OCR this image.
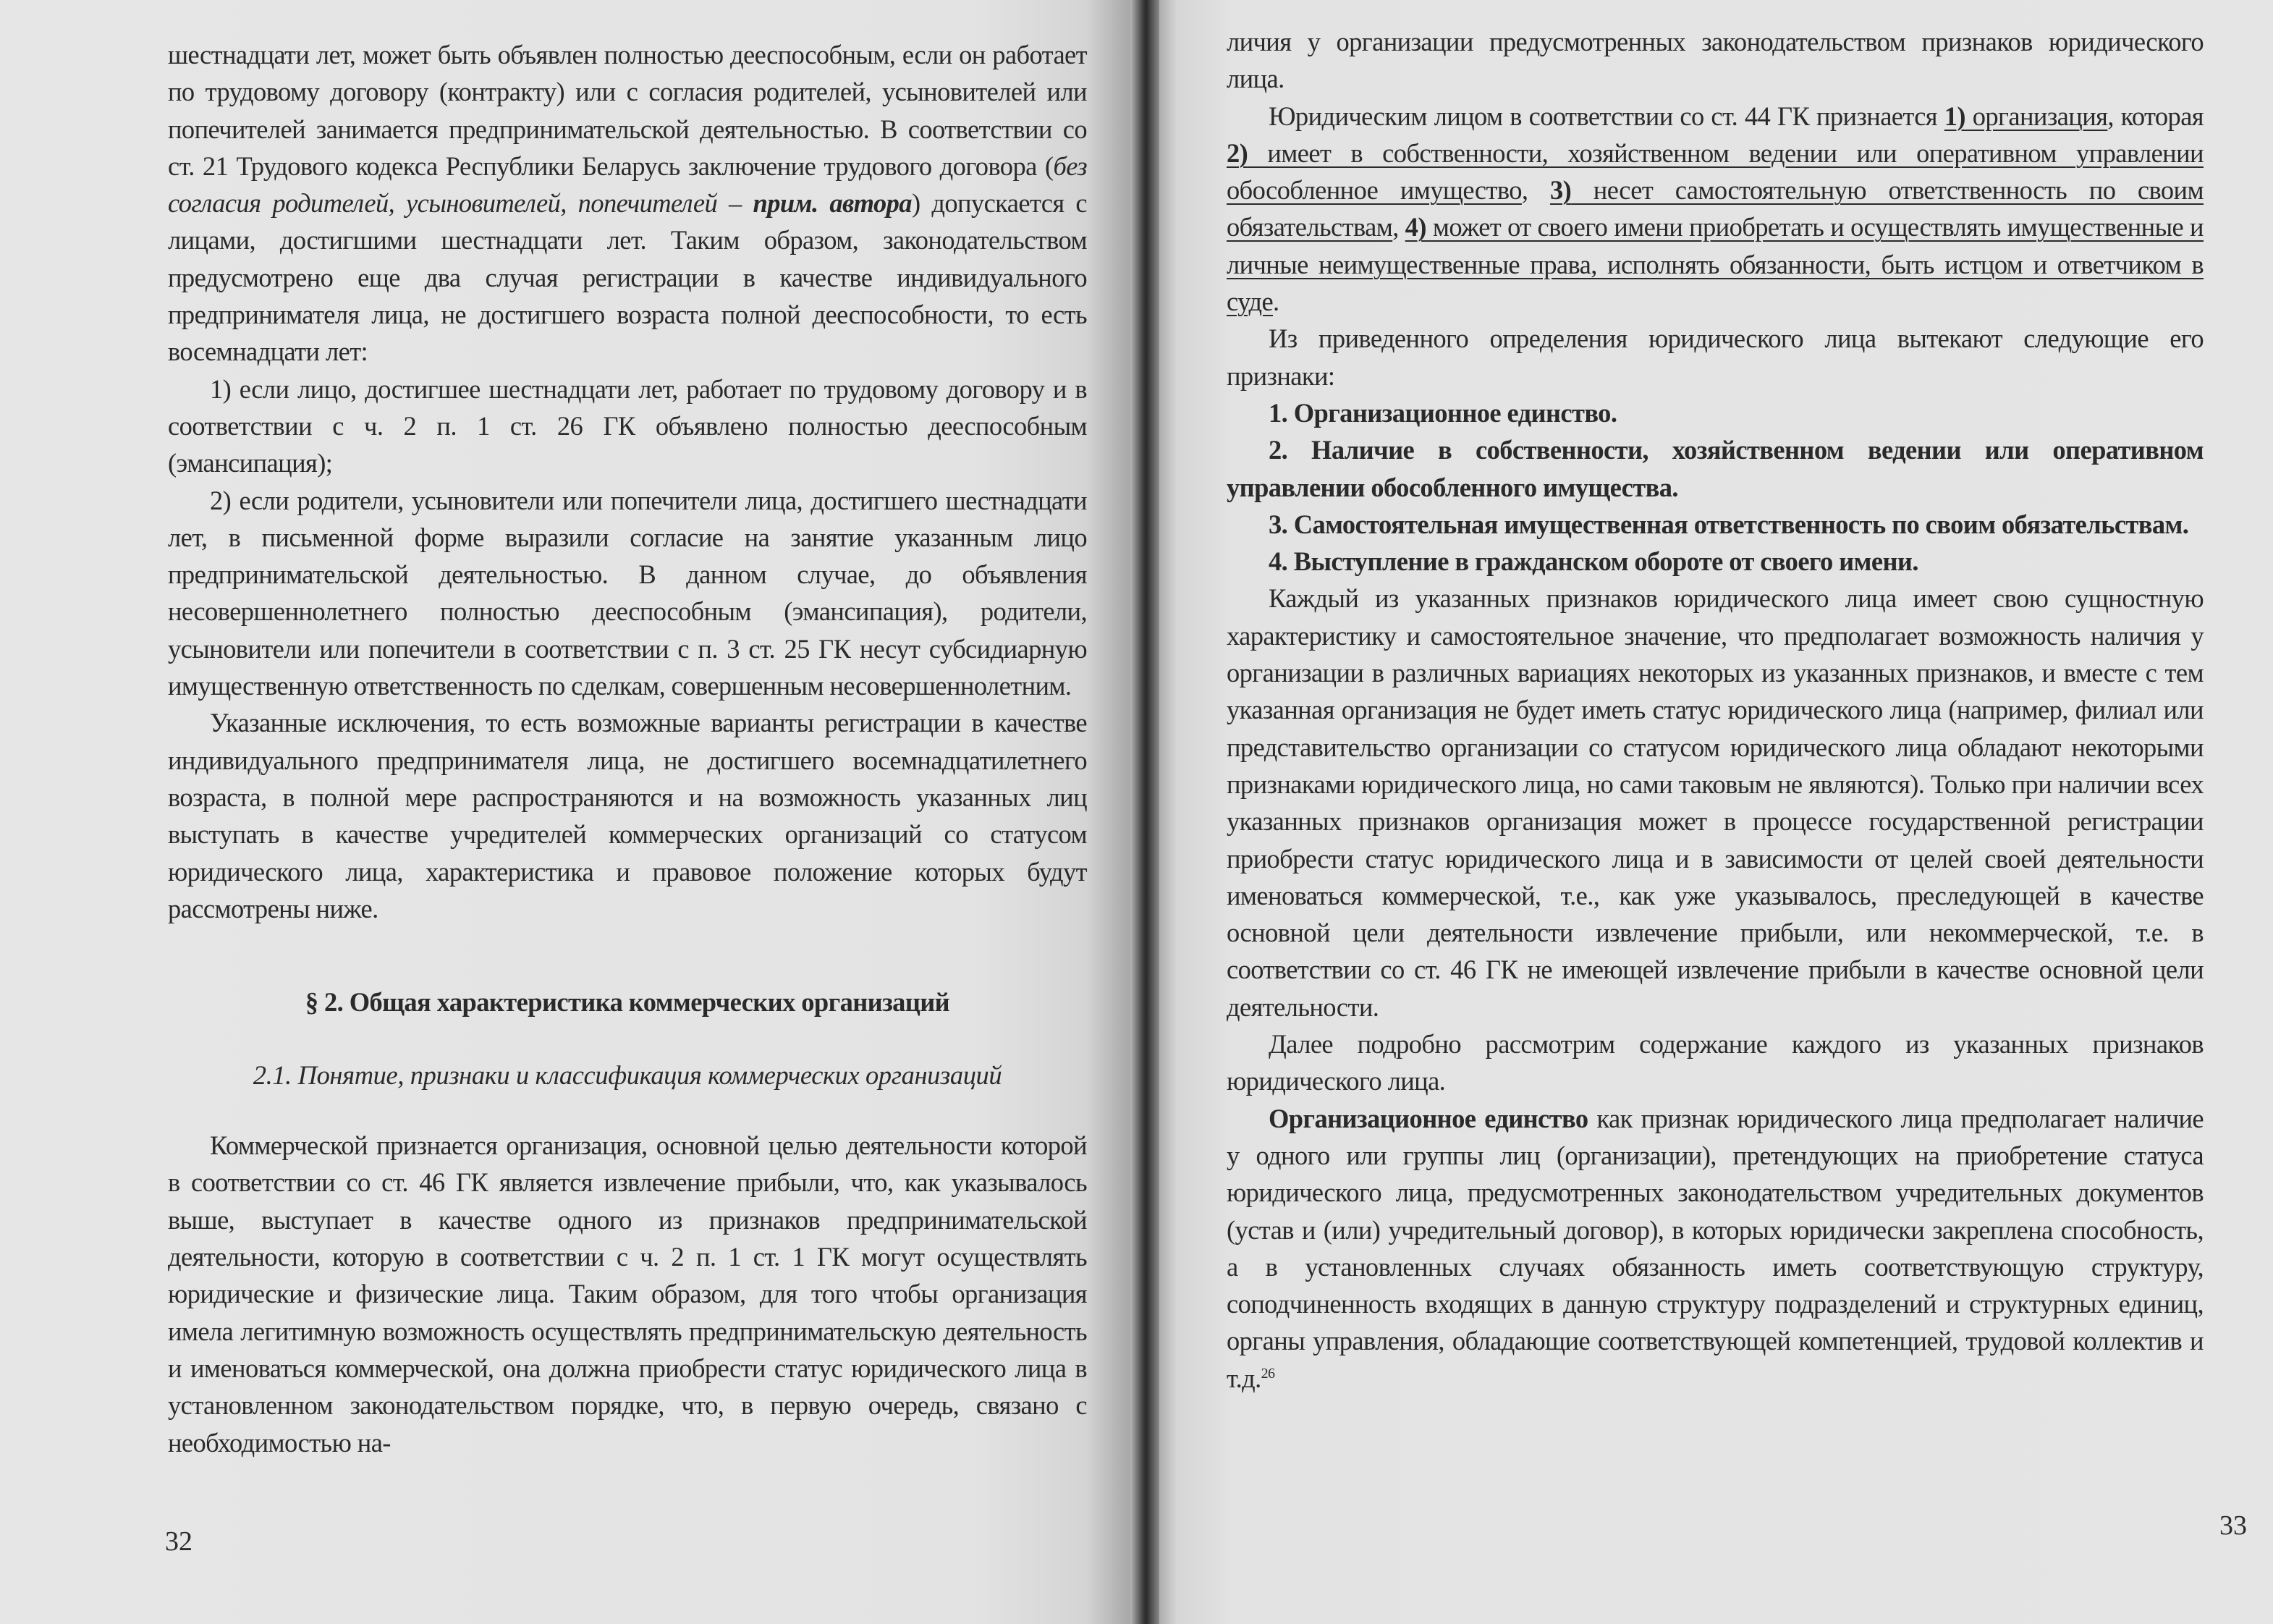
шестнадцати лет, может быть объявлен полностью дееспособным, если он работает по трудовому договору (контракту) или с согласия родителей, усыновителей или попечителей занимается предпринимательской деятельностью. В соответствии со ст. 21 Трудового кодекса Республики Беларусь заключение трудового договора (без согласия родителей, усыновителей, попечителей – прим. автора) допускается с лицами, достигшими шестнадцати лет. Таким образом, законодательством предусмотрено еще два случая регистрации в качестве индивидуального предпринимателя лица, не достигшего возраста полной дееспособности, то есть восемнадцати лет:

1) если лицо, достигшее шестнадцати лет, работает по трудовому договору и в соответствии с ч. 2 п. 1 ст. 26 ГК объявлено полностью дееспособным (эмансипация);

2) если родители, усыновители или попечители лица, достигшего шестнадцати лет, в письменной форме выразили согласие на занятие указанным лицо предпринимательской деятельностью. В данном случае, до объявления несовершеннолетнего полностью дееспособным (эмансипация), родители, усыновители или попечители в соответствии с п. 3 ст. 25 ГК несут субсидиарную имущественную ответственность по сделкам, совершенным несовершеннолетним.

Указанные исключения, то есть возможные варианты регистрации в качестве индивидуального предпринимателя лица, не достигшего восемнадцатилетнего возраста, в полной мере распространяются и на возможность указанных лиц выступать в качестве учредителей коммерческих организаций со статусом юридического лица, характеристика и правовое положение которых будут рассмотрены ниже.

§ 2. Общая характеристика коммерческих организаций
2.1. Понятие, признаки и классификация коммерческих организаций

Коммерческой признается организация, основной целью деятельности которой в соответствии со ст. 46 ГК является извлечение прибыли, что, как указывалось выше, выступает в качестве одного из признаков предпринимательской деятельности, которую в соответствии с ч. 2 п. 1 ст. 1 ГК могут осуществлять юридические и физические лица. Таким образом, для того чтобы организация имела легитимную возможность осуществлять предпринимательскую деятельность и именоваться коммерческой, она должна приобрести статус юридического лица в установленном законодательством порядке, что, в первую очередь, связано с необходимостью на-

32

личия у организации предусмотренных законодательством признаков юридического лица.

Юридическим лицом в соответствии со ст. 44 ГК признается 1) организация, которая 2) имеет в собственности, хозяйственном ведении или оперативном управлении обособленное имущество, 3) несет самостоятельную ответственность по своим обязательствам, 4) может от своего имени приобретать и осуществлять имущественные и личные неимущественные права, исполнять обязанности, быть истцом и ответчиком в суде.

Из приведенного определения юридического лица вытекают следующие его признаки:

1. Организационное единство.

2. Наличие в собственности, хозяйственном ведении или оперативном управлении обособленного имущества.

3. Самостоятельная имущественная ответственность по своим обязательствам.

4. Выступление в гражданском обороте от своего имени.

Каждый из указанных признаков юридического лица имеет свою сущностную характеристику и самостоятельное значение, что предполагает возможность наличия у организации в различных вариациях некоторых из указанных признаков, и вместе с тем указанная организация не будет иметь статус юридического лица (например, филиал или представительство организации со статусом юридического лица обладают некоторыми признаками юридического лица, но сами таковым не являются). Только при наличии всех указанных признаков организация может в процессе государственной регистрации приобрести статус юридического лица и в зависимости от целей своей деятельности именоваться коммерческой, т.е., как уже указывалось, преследующей в качестве основной цели деятельности извлечение прибыли, или некоммерческой, т.е. в соответствии со ст. 46 ГК не имеющей извлечение прибыли в качестве основной цели деятельности.

Далее подробно рассмотрим содержание каждого из указанных признаков юридического лица.

Организационное единство как признак юридического лица предполагает наличие у одного или группы лиц (организации), претендующих на приобретение статуса юридического лица, предусмотренных законодательством учредительных документов (устав и (или) учредительный договор), в которых юридически закреплена способность, а в установленных случаях обязанность иметь соответствующую структуру, соподчиненность входящих в данную структуру подразделений и структурных единиц, органы управления, обладающие соответствующей компетенцией, трудовой коллектив и т.д.$^{26}$

33
